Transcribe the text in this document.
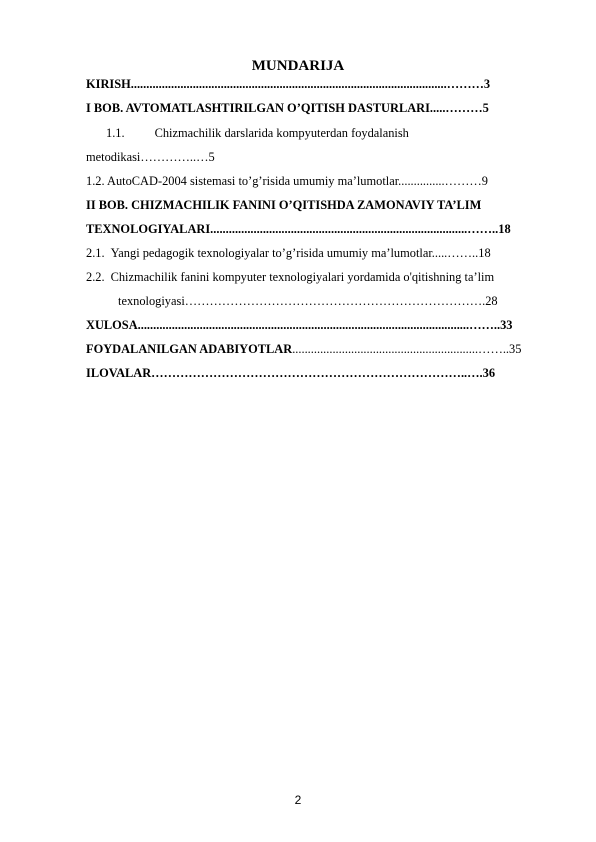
MUNDARIJA
KIRISH......................................................................................................………3
I BOB. AVTOMATLASHTIRILGAN O’QITISH DASTURLARI.....………5
1.1. Chizmachilik darslarida kompyuterdan foydalanish
metodikasi…………..…5
1.2. AutoCAD-2004 sistemasi to’g’risida umumiy ma’lumotlar...............………9
II BOB. CHIZMACHILIK FANINI O’QITISHDA ZAMONAVIY TA’LIM
TEXNOLOGIYALARI...................................................................................……..18
2.1. Yangi pedagogik texnologiyalar to’g’risida umumiy ma’lumotlar.....……..18
2.2. Chizmachilik fanini kompyuter texnologiyalari yordamida o'qitishning ta’lim
texnologiyasi……………………………………………………………….28
XULOSA...........................................................................................................……..33
FOYDALANILGAN ADABIYOTLAR............................................................……..35
ILOVALAR…………………………………………………………………..….36
2
